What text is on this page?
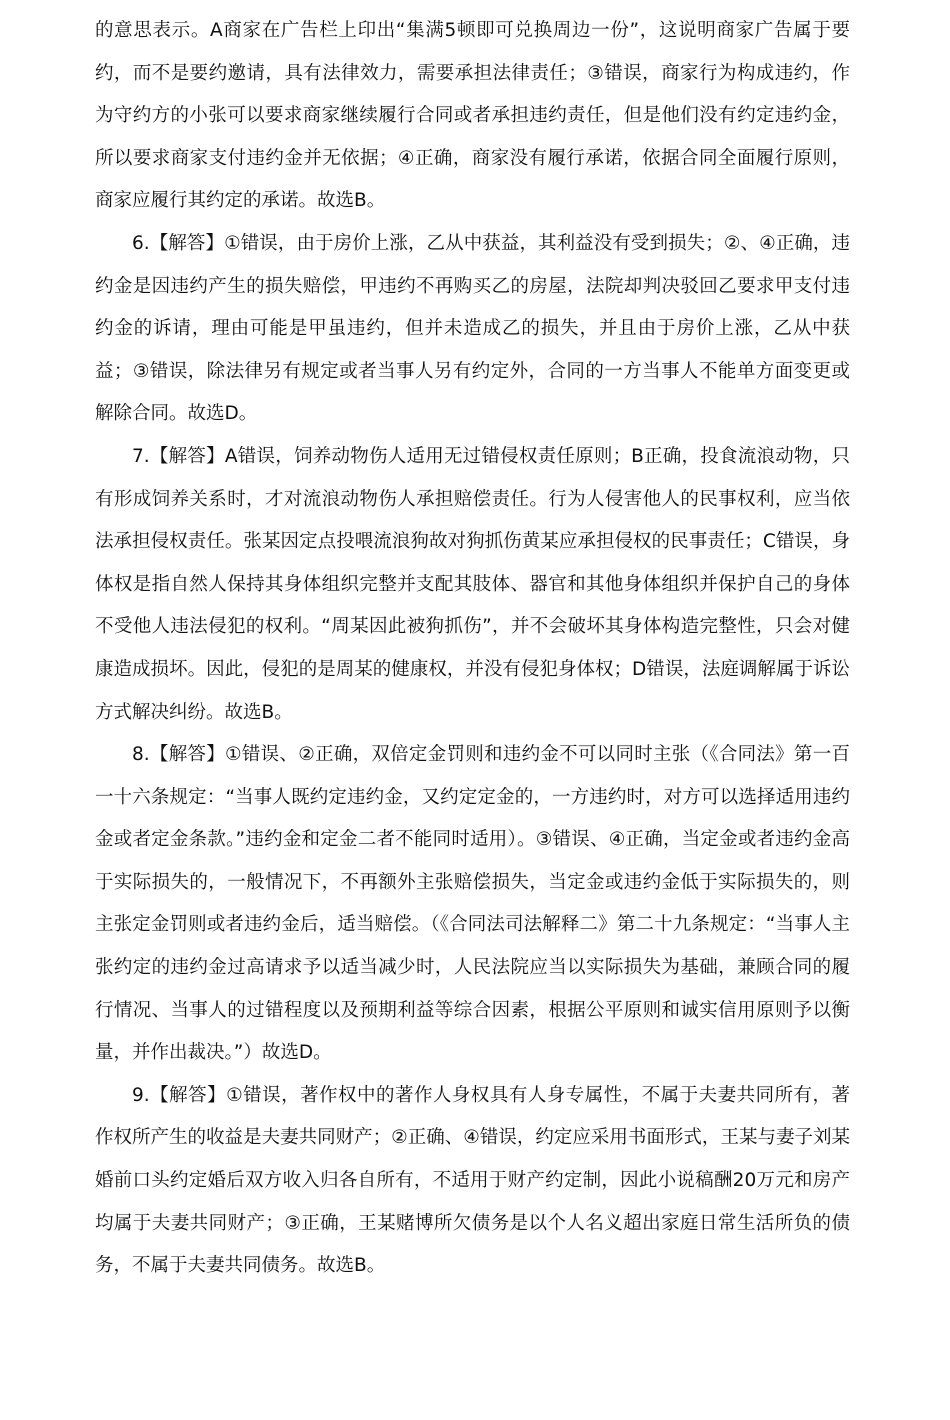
的意思表示。A商家在广告栏上印出“集满5顿即可兑换周边一份”，这说明商家广告属于要约，而不是要约邀请，具有法律效力，需要承担法律责任；③错误，商家行为构成违约，作为守约方的小张可以要求商家继续履行合同或者承担违约责任，但是他们没有约定违约金，所以要求商家支付违约金并无依据；④正确，商家没有履行承诺，依据合同全面履行原则，商家应履行其约定的承诺。故选B。

6.【解答】①错误，由于房价上涨，乙从中获益，其利益没有受到损失；②、④正确，违约金是因违约产生的损失赔偿，甲违约不再购买乙的房屋，法院却判决驳回乙要求甲支付违约金的诉请，理由可能是甲虽违约，但并未造成乙的损失，并且由于房价上涨，乙从中获益；③错误，除法律另有规定或者当事人另有约定外，合同的一方当事人不能单方面变更或解除合同。故选D。

7.【解答】A错误，饲养动物伤人适用无过错侵权责任原则；B正确，投食流浪动物，只有形成饲养关系时，才对流浪动物伤人承担赔偿责任。行为人侵害他人的民事权利，应当依法承担侵权责任。张某因定点投喂流浪狗故对狗抓伤黄某应承担侵权的民事责任；C错误，身体权是指自然人保持其身体组织完整并支配其肢体、器官和其他身体组织并保护自己的身体不受他人违法侵犯的权利。“周某因此被狗抓伤”，并不会破坏其身体构造完整性，只会对健康造成损坏。因此，侵犯的是周某的健康权，并没有侵犯身体权；D错误，法庭调解属于诉讼方式解决纠纷。故选B。

8.【解答】①错误、②正确，双倍定金罚则和违约金不可以同时主张（《合同法》第一百一十六条规定：“当事人既约定违约金，又约定定金的，一方违约时，对方可以选择适用违约金或者定金条款。”违约金和定金二者不能同时适用）。③错误、④正确，当定金或者违约金高于实际损失的，一般情况下，不再额外主张赔偿损失，当定金或违约金低于实际损失的，则主张定金罚则或者违约金后，适当赔偿。（《合同法司法解释二》第二十九条规定：“当事人主张约定的违约金过高请求予以适当减少时，人民法院应当以实际损失为基础，兼顾合同的履行情况、当事人的过错程度以及预期利益等综合因素，根据公平原则和诚实信用原则予以衡量，并作出裁决。”）故选D。

9.【解答】①错误，著作权中的著作人身权具有人身专属性，不属于夫妻共同所有，著作权所产生的收益是夫妻共同财产；②正确、④错误，约定应采用书面形式，王某与妻子刘某婚前口头约定婚后双方收入归各自所有，不适用于财产约定制，因此小说稿酬20万元和房产均属于夫妻共同财产；③正确，王某赌博所欠债务是以个人名义超出家庭日常生活所负的债务，不属于夫妻共同债务。故选B。
